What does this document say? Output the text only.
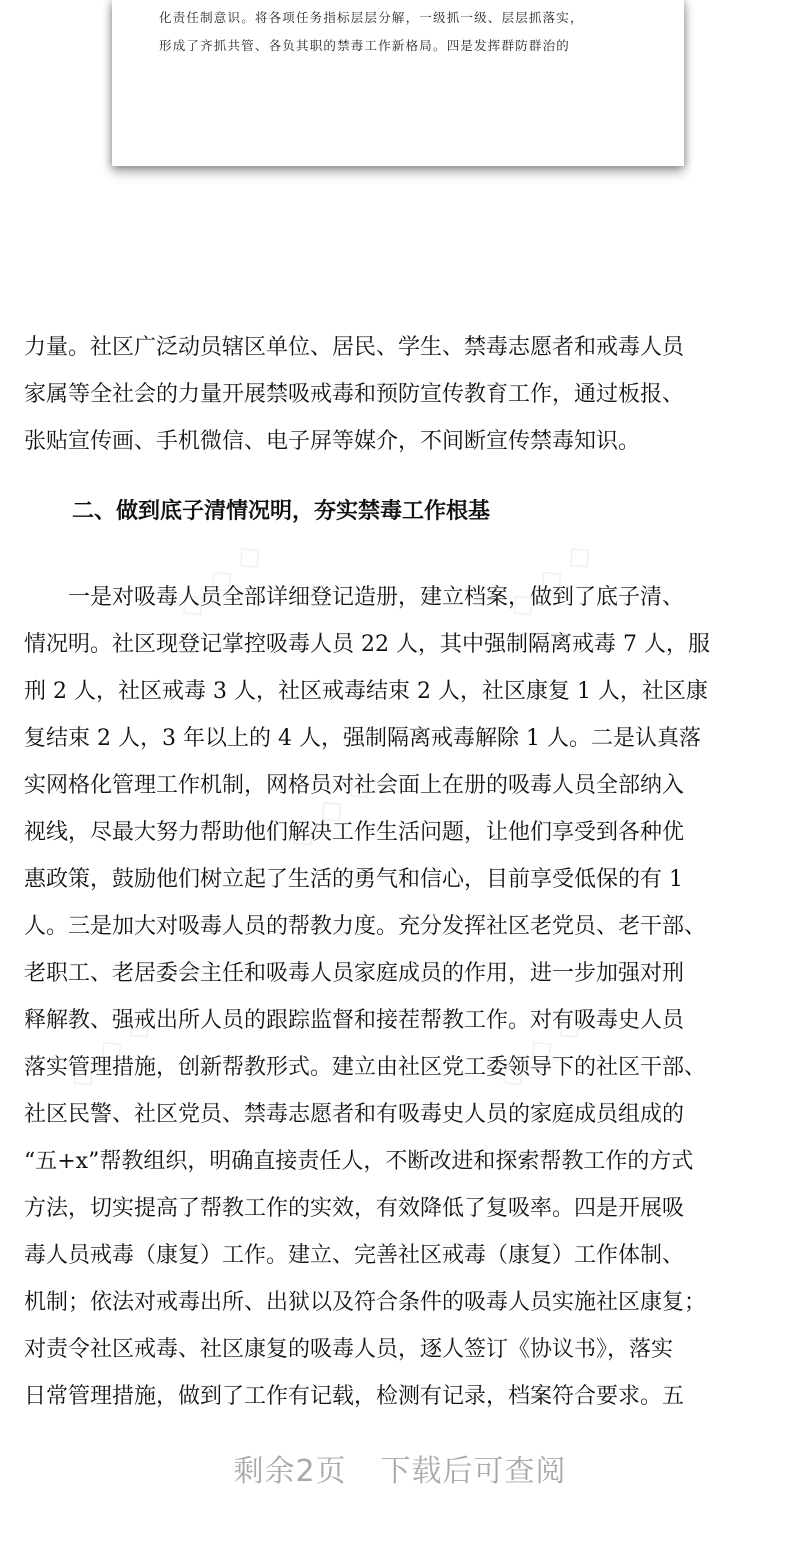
化责任制意识。将各项任务指标层层分解，一级抓一级、层层抓落实，
形成了齐抓共管、各负其职的禁毒工作新格局。四是发挥群防群治的
◇ ◇ ◇	◇ ◇ ◇
◇ ◇ ◇
◇ ◇ ◇	◇ ◇ ◇
力量。社区广泛动员辖区单位、居民、学生、禁毒志愿者和戒毒人员
家属等全社会的力量开展禁吸戒毒和预防宣传教育工作，通过板报、
张贴宣传画、手机微信、电子屏等媒介，不间断宣传禁毒知识。
二、做到底子清情况明，夯实禁毒工作根基
　　一是对吸毒人员全部详细登记造册，建立档案，做到了底子清、
情况明。社区现登记掌控吸毒人员 22 人，其中强制隔离戒毒 7 人，服
刑 2 人，社区戒毒 3 人，社区戒毒结束 2 人，社区康复 1 人，社区康
复结束 2 人，3 年以上的 4 人，强制隔离戒毒解除 1 人。二是认真落
实网格化管理工作机制，网格员对社会面上在册的吸毒人员全部纳入
视线，尽最大努力帮助他们解决工作生活问题，让他们享受到各种优
惠政策，鼓励他们树立起了生活的勇气和信心，目前享受低保的有 1
人。三是加大对吸毒人员的帮教力度。充分发挥社区老党员、老干部、
老职工、老居委会主任和吸毒人员家庭成员的作用，进一步加强对刑
释解教、强戒出所人员的跟踪监督和接茬帮教工作。对有吸毒史人员
落实管理措施，创新帮教形式。建立由社区党工委领导下的社区干部、
社区民警、社区党员、禁毒志愿者和有吸毒史人员的家庭成员组成的
“五+x”帮教组织，明确直接责任人，不断改进和探索帮教工作的方式
方法，切实提高了帮教工作的实效，有效降低了复吸率。四是开展吸
毒人员戒毒（康复）工作。建立、完善社区戒毒（康复）工作体制、
机制；依法对戒毒出所、出狱以及符合条件的吸毒人员实施社区康复；
对责令社区戒毒、社区康复的吸毒人员，逐人签订《协议书》，落实
日常管理措施，做到了工作有记载，检测有记录，档案符合要求。五
剩余2页 下载后可查阅
